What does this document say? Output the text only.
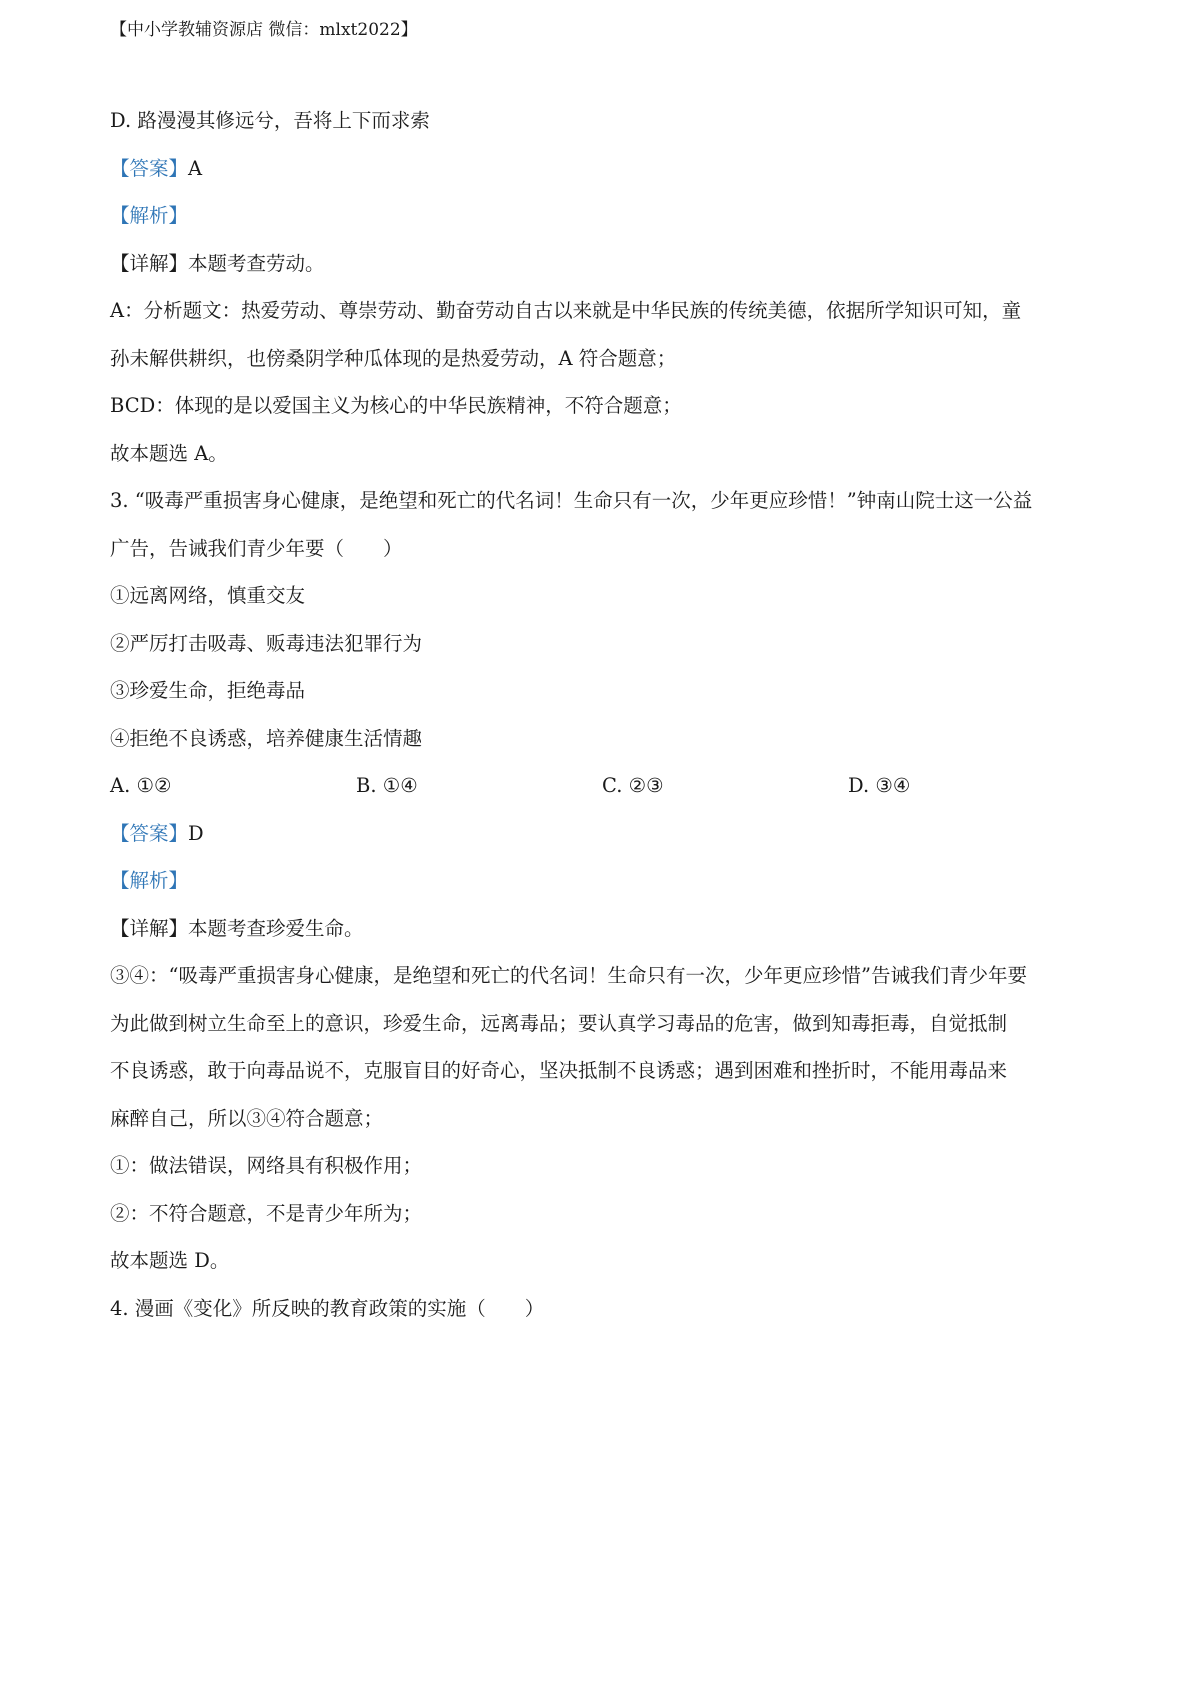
【中小学教辅资源店 微信：mlxt2022】
D. 路漫漫其修远兮，吾将上下而求索
【答案】A
【解析】
【详解】本题考查劳动。
A：分析题文：热爱劳动、尊崇劳动、勤奋劳动自古以来就是中华民族的传统美德，依据所学知识可知，童
孙未解供耕织，也傍桑阴学种瓜体现的是热爱劳动，A 符合题意；
BCD：体现的是以爱国主义为核心的中华民族精神，不符合题意；
故本题选 A。
3. “吸毒严重损害身心健康，是绝望和死亡的代名词！生命只有一次，少年更应珍惜！”钟南山院士这一公益
广告，告诫我们青少年要（　　）
①远离网络，慎重交友
②严厉打击吸毒、贩毒违法犯罪行为
③珍爱生命，拒绝毒品
④拒绝不良诱惑，培养健康生活情趣
A. ①②	B. ①④	C. ②③	D. ③④
【答案】D
【解析】
【详解】本题考查珍爱生命。
③④：“吸毒严重损害身心健康，是绝望和死亡的代名词！生命只有一次，少年更应珍惜”告诫我们青少年要
为此做到树立生命至上的意识，珍爱生命，远离毒品；要认真学习毒品的危害，做到知毒拒毒，自觉抵制
不良诱惑，敢于向毒品说不，克服盲目的好奇心，坚决抵制不良诱惑；遇到困难和挫折时，不能用毒品来
麻醉自己，所以③④符合题意；
①：做法错误，网络具有积极作用；
②：不符合题意，不是青少年所为；
故本题选 D。
4. 漫画《变化》所反映的教育政策的实施（　　）
